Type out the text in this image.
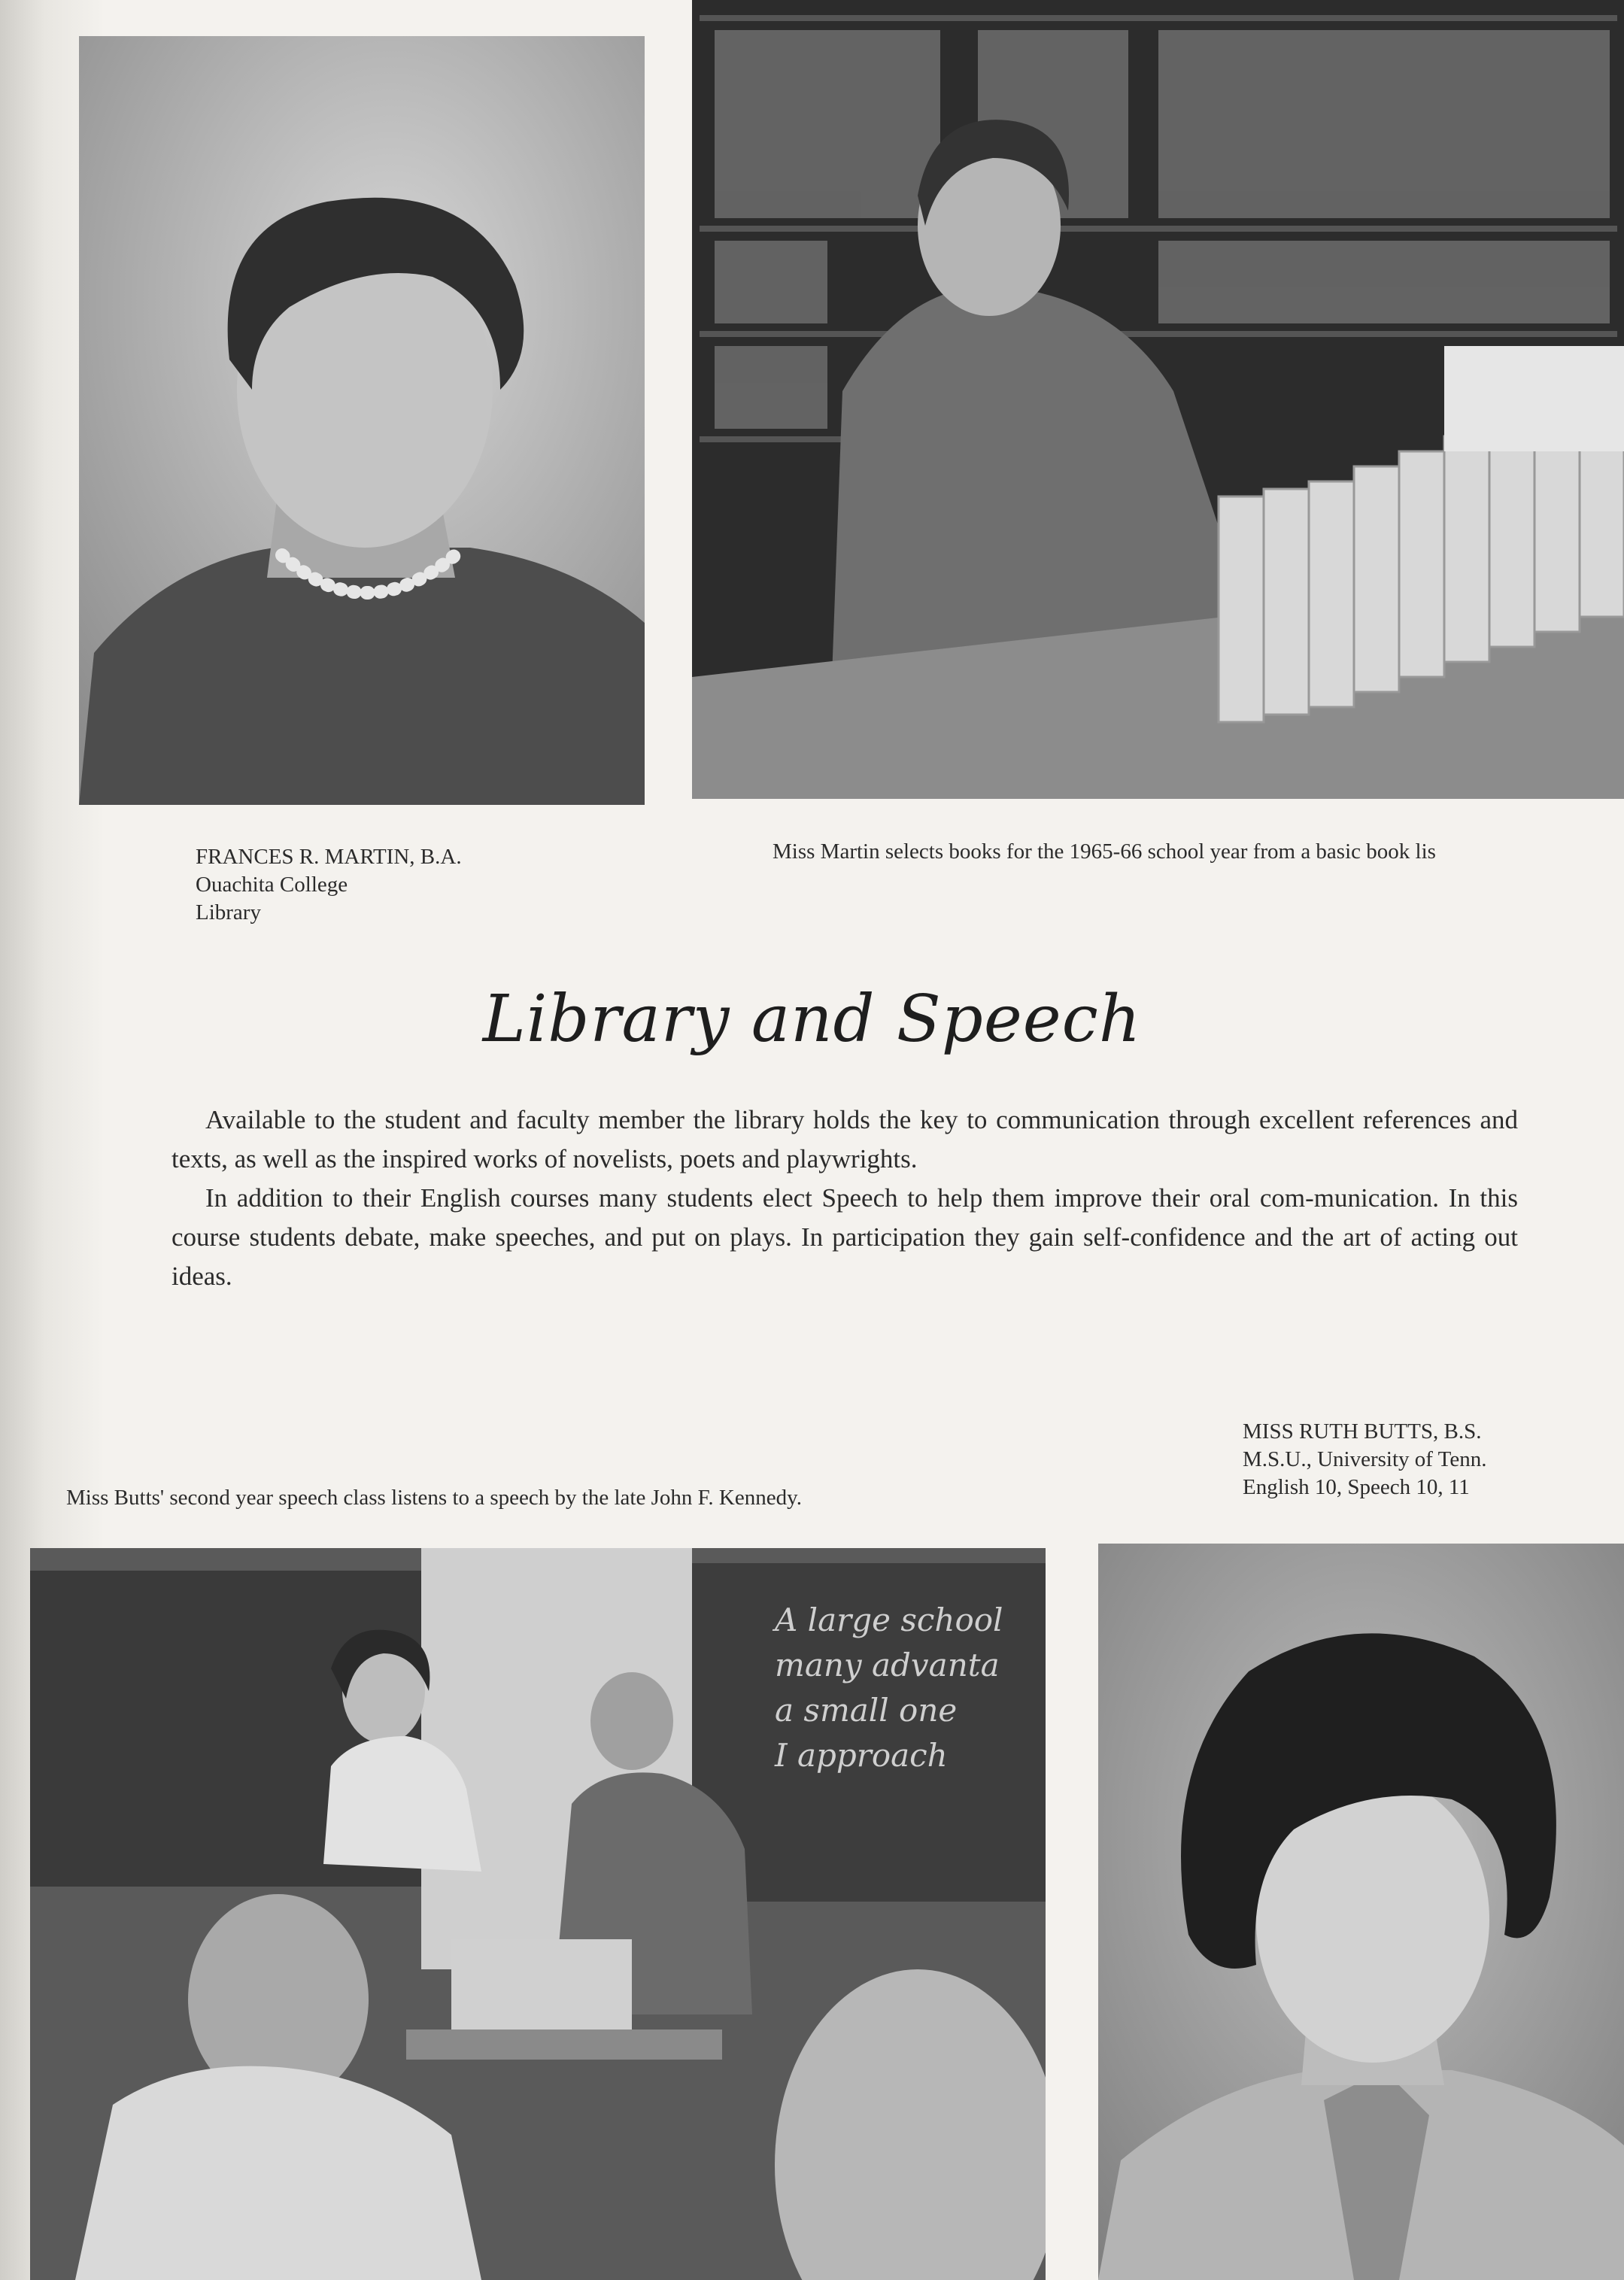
FRANCES R. MARTIN, B.A.
Ouachita College
Library
Miss Martin selects books for the 1965-66 school year from a basic book lis
Library and Speech

Available to the student and faculty member the library holds the key to communication through excellent references and texts, as well as the inspired works of novelists, poets and playwrights.

In addition to their English courses many students elect Speech to help them improve their oral com-munication. In this course students debate, make speeches, and put on plays. In participation they gain self-confidence and the art of acting out ideas.

Miss Butts' second year speech class listens to a speech by the late John F. Kennedy.
MISS RUTH BUTTS, B.S.
M.S.U., University of Tenn.
English 10, Speech 10, 11
A large school
many advanta
a small one
I approach
